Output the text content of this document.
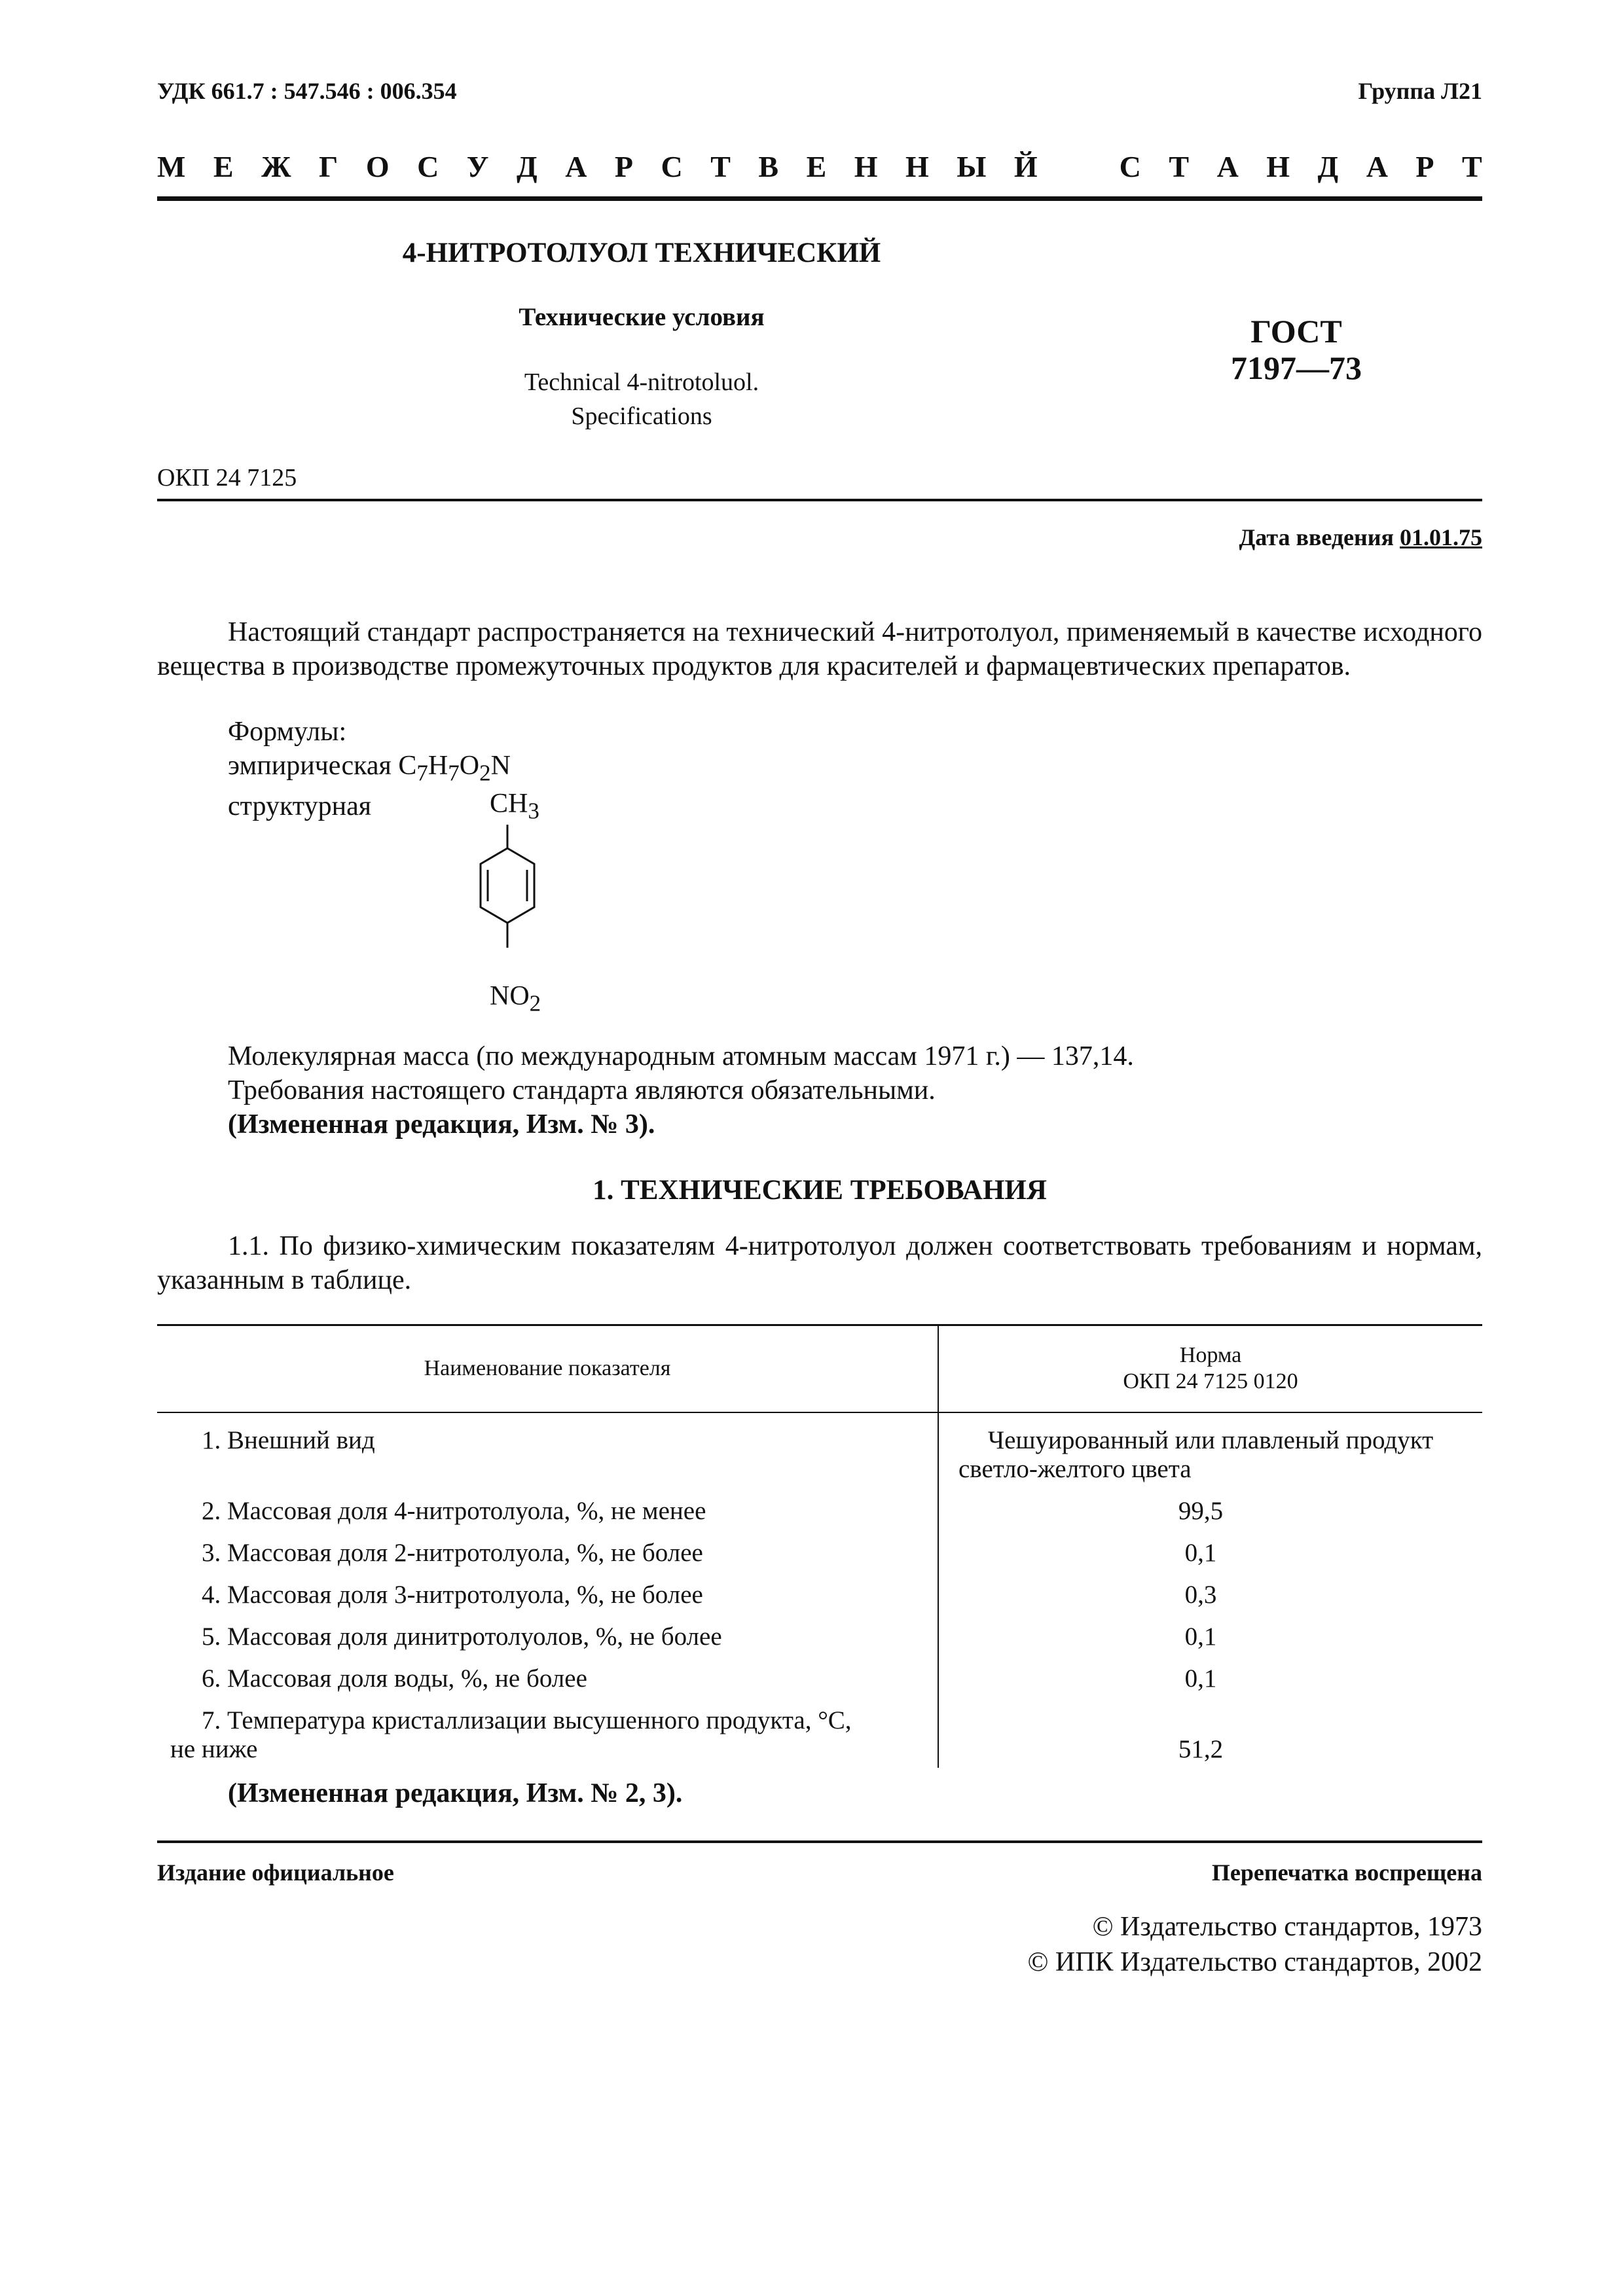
УДК 661.7 : 547.546 : 006.354	Группа Л21
М Е Ж Г О С У Д А Р С Т В Е Н Н Ы Й	С Т А Н Д А Р Т
4-НИТРОТОЛУОЛ ТЕХНИЧЕСКИЙ
Технические условия
Technical 4-nitrotoluol.
Specifications
ГОСТ
7197—73
ОКП 24 7125
Дата введения 01.01.75
Настоящий стандарт распространяется на технический 4-нитротолуол, применяемый в качестве исходного вещества в производстве промежуточных продуктов для красителей и фармацевтических препаратов.
Формулы:
эмпирическая $C_7H_7O_2N$
структурная	$CH_3$
$NO_2$
Молекулярная масса (по международным атомным массам 1971 г.) — 137,14.
Требования настоящего стандарта являются обязательными.
(Измененная редакция, Изм. № 3).
1. ТЕХНИЧЕСКИЕ ТРЕБОВАНИЯ
1.1. По физико-химическим показателям 4-нитротолуол должен соответствовать требованиям и нормам, указанным в таблице.
Наименование показателя	Норма
ОКП 24 7125 0120

1. Внешний вид	Чешуированный или плавленый продукт
светло-желтого цвета

2. Массовая доля 4-нитротолуола, %, не менее	99,5
3. Массовая доля 2-нитротолуола, %, не более	0,1
4. Массовая доля 3-нитротолуола, %, не более	0,3
5. Массовая доля динитротолуолов, %, не более	0,1
6. Массовая доля воды, %, не более	0,1

7. Температура кристаллизации высушенного продукта, °C,
не ниже	51,2
(Измененная редакция, Изм. № 2, 3).
Издание официальное	Перепечатка воспрещена
© Издательство стандартов, 1973
© ИПК Издательство стандартов, 2002
